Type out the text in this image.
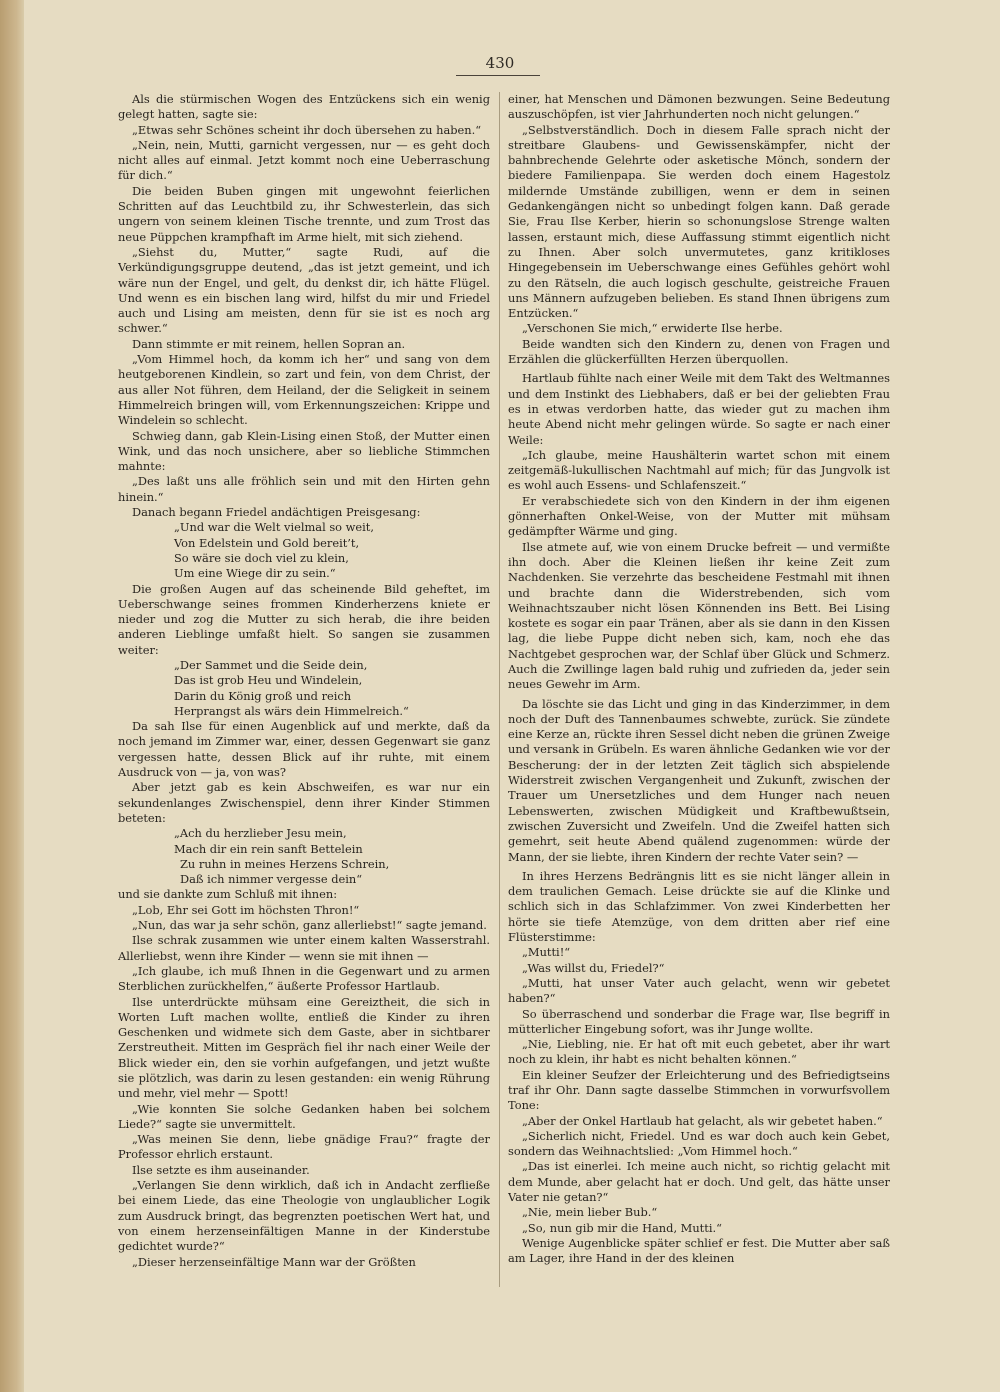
430

Als die stürmischen Wogen des Entzückens sich ein wenig gelegt hatten, sagte sie:

„Etwas sehr Schönes scheint ihr doch übersehen zu haben.“

„Nein, nein, Mutti, garnicht vergessen, nur — es geht doch nicht alles auf einmal. Jetzt kommt noch eine Ueberraschung für dich.“

Die beiden Buben gingen mit ungewohnt feierlichen Schritten auf das Leuchtbild zu, ihr Schwesterlein, das sich ungern von seinem kleinen Tische trennte, und zum Trost das neue Püppchen krampfhaft im Arme hielt, mit sich ziehend.

„Siehst du, Mutter,“ sagte Rudi, auf die Verkündigungsgruppe deutend, „das ist jetzt gemeint, und ich wäre nun der Engel, und gelt, du denkst dir, ich hätte Flügel. Und wenn es ein bischen lang wird, hilfst du mir und Friedel auch und Lising am meisten, denn für sie ist es noch arg schwer.“

Dann stimmte er mit reinem, hellen Sopran an.

„Vom Himmel hoch, da komm ich her“ und sang von dem heutgeborenen Kindlein, so zart und fein, von dem Christ, der aus aller Not führen, dem Heiland, der die Seligkeit in seinem Himmelreich bringen will, vom Erkennungszeichen: Krippe und Windelein so schlecht.

Schwieg dann, gab Klein-Lising einen Stoß, der Mutter einen Wink, und das noch unsichere, aber so liebliche Stimmchen mahnte:

„Des laßt uns alle fröhlich sein und mit den Hirten gehn hinein.“

Danach begann Friedel andächtigen Preisgesang:

„Und war die Welt vielmal so weit,
Von Edelstein und Gold bereit’t,
So wäre sie doch viel zu klein,
Um eine Wiege dir zu sein.“

Die großen Augen auf das scheinende Bild geheftet, im Ueberschwange seines frommen Kinderherzens kniete er nieder und zog die Mutter zu sich herab, die ihre beiden anderen Lieblinge umfaßt hielt. So sangen sie zusammen weiter:

„Der Sammet und die Seide dein,
Das ist grob Heu und Windelein,
Darin du König groß und reich
Herprangst als wärs dein Himmelreich.“

Da sah Ilse für einen Augenblick auf und merkte, daß da noch jemand im Zimmer war, einer, dessen Gegenwart sie ganz vergessen hatte, dessen Blick auf ihr ruhte, mit einem Ausdruck von — ja, von was?

Aber jetzt gab es kein Abschweifen, es war nur ein sekundenlanges Zwischenspiel, denn ihrer Kinder Stimmen beteten:

„Ach du herzlieber Jesu mein,
Mach dir ein rein sanft Bettelein
Zu ruhn in meines Herzens Schrein,
Daß ich nimmer vergesse dein“

und sie dankte zum Schluß mit ihnen:

„Lob, Ehr sei Gott im höchsten Thron!“

„Nun, das war ja sehr schön, ganz allerliebst!“ sagte jemand.

Ilse schrak zusammen wie unter einem kalten Wasserstrahl. Allerliebst, wenn ihre Kinder — wenn sie mit ihnen —

„Ich glaube, ich muß Ihnen in die Gegenwart und zu armen Sterblichen zurückhelfen,“ äußerte Professor Hartlaub.

Ilse unterdrückte mühsam eine Gereiztheit, die sich in Worten Luft machen wollte, entließ die Kinder zu ihren Geschenken und widmete sich dem Gaste, aber in sichtbarer Zerstreutheit. Mitten im Gespräch fiel ihr nach einer Weile der Blick wieder ein, den sie vorhin aufgefangen, und jetzt wußte sie plötzlich, was darin zu lesen gestanden: ein wenig Rührung und mehr, viel mehr — Spott!

„Wie konnten Sie solche Gedanken haben bei solchem Liede?“ sagte sie unvermittelt.

„Was meinen Sie denn, liebe gnädige Frau?“ fragte der Professor ehrlich erstaunt.

Ilse setzte es ihm auseinander.

„Verlangen Sie denn wirklich, daß ich in Andacht zerfließe bei einem Liede, das eine Theologie von unglaublicher Logik zum Ausdruck bringt, das begrenzten poetischen Wert hat, und von einem herzenseinfältigen Manne in der Kinderstube gedichtet wurde?“

„Dieser herzenseinfältige Mann war der Größten

einer, hat Menschen und Dämonen bezwungen. Seine Bedeutung auszuschöpfen, ist vier Jahrhunderten noch nicht gelungen.“

„Selbstverständlich. Doch in diesem Falle sprach nicht der streitbare Glaubens- und Gewissenskämpfer, nicht der bahnbrechende Gelehrte oder asketische Mönch, sondern der biedere Familienpapa. Sie werden doch einem Hagestolz mildernde Umstände zubilligen, wenn er dem in seinen Gedankengängen nicht so unbedingt folgen kann. Daß gerade Sie, Frau Ilse Kerber, hierin so schonungslose Strenge walten lassen, erstaunt mich, diese Auffassung stimmt eigentlich nicht zu Ihnen. Aber solch unvermutetes, ganz kritikloses Hingegebensein im Ueberschwange eines Gefühles gehört wohl zu den Rätseln, die auch logisch geschulte, geistreiche Frauen uns Männern aufzugeben belieben. Es stand Ihnen übrigens zum Entzücken.“

„Verschonen Sie mich,“ erwiderte Ilse herbe.

Beide wandten sich den Kindern zu, denen von Fragen und Erzählen die glückerfüllten Herzen überquollen.

Hartlaub fühlte nach einer Weile mit dem Takt des Weltmannes und dem Instinkt des Liebhabers, daß er bei der geliebten Frau es in etwas verdorben hatte, das wieder gut zu machen ihm heute Abend nicht mehr gelingen würde. So sagte er nach einer Weile:

„Ich glaube, meine Haushälterin wartet schon mit einem zeitgemäß-lukullischen Nachtmahl auf mich; für das Jungvolk ist es wohl auch Essens- und Schlafenszeit.“

Er verabschiedete sich von den Kindern in der ihm eigenen gönnerhaften Onkel-Weise, von der Mutter mit mühsam gedämpfter Wärme und ging.

Ilse atmete auf, wie von einem Drucke befreit — und vermißte ihn doch. Aber die Kleinen ließen ihr keine Zeit zum Nachdenken. Sie verzehrte das bescheidene Festmahl mit ihnen und brachte dann die Widerstrebenden, sich vom Weihnachtszauber nicht lösen Könnenden ins Bett. Bei Lising kostete es sogar ein paar Tränen, aber als sie dann in den Kissen lag, die liebe Puppe dicht neben sich, kam, noch ehe das Nachtgebet gesprochen war, der Schlaf über Glück und Schmerz. Auch die Zwillinge lagen bald ruhig und zufrieden da, jeder sein neues Gewehr im Arm.

Da löschte sie das Licht und ging in das Kinderzimmer, in dem noch der Duft des Tannenbaumes schwebte, zurück. Sie zündete eine Kerze an, rückte ihren Sessel dicht neben die grünen Zweige und versank in Grübeln. Es waren ähnliche Gedanken wie vor der Bescherung: der in der letzten Zeit täglich sich abspielende Widerstreit zwischen Vergangenheit und Zukunft, zwischen der Trauer um Unersetzliches und dem Hunger nach neuen Lebenswerten, zwischen Müdigkeit und Kraftbewußtsein, zwischen Zuversicht und Zweifeln. Und die Zweifel hatten sich gemehrt, seit heute Abend quälend zugenommen: würde der Mann, der sie liebte, ihren Kindern der rechte Vater sein? —

In ihres Herzens Bedrängnis litt es sie nicht länger allein in dem traulichen Gemach. Leise drückte sie auf die Klinke und schlich sich in das Schlafzimmer. Von zwei Kinderbetten her hörte sie tiefe Atemzüge, von dem dritten aber rief eine Flüsterstimme:

„Mutti!“

„Was willst du, Friedel?“

„Mutti, hat unser Vater auch gelacht, wenn wir gebetet haben?“

So überraschend und sonderbar die Frage war, Ilse begriff in mütterlicher Eingebung sofort, was ihr Junge wollte.

„Nie, Liebling, nie. Er hat oft mit euch gebetet, aber ihr wart noch zu klein, ihr habt es nicht behalten können.“

Ein kleiner Seufzer der Erleichterung und des Befriedigtseins traf ihr Ohr. Dann sagte dasselbe Stimmchen in vorwurfsvollem Tone:

„Aber der Onkel Hartlaub hat gelacht, als wir gebetet haben.“

„Sicherlich nicht, Friedel. Und es war doch auch kein Gebet, sondern das Weihnachtslied: „Vom Himmel hoch.“

„Das ist einerlei. Ich meine auch nicht, so richtig gelacht mit dem Munde, aber gelacht hat er doch. Und gelt, das hätte unser Vater nie getan?“

„Nie, mein lieber Bub.“

„So, nun gib mir die Hand, Mutti.“

Wenige Augenblicke später schlief er fest. Die Mutter aber saß am Lager, ihre Hand in der des kleinen
